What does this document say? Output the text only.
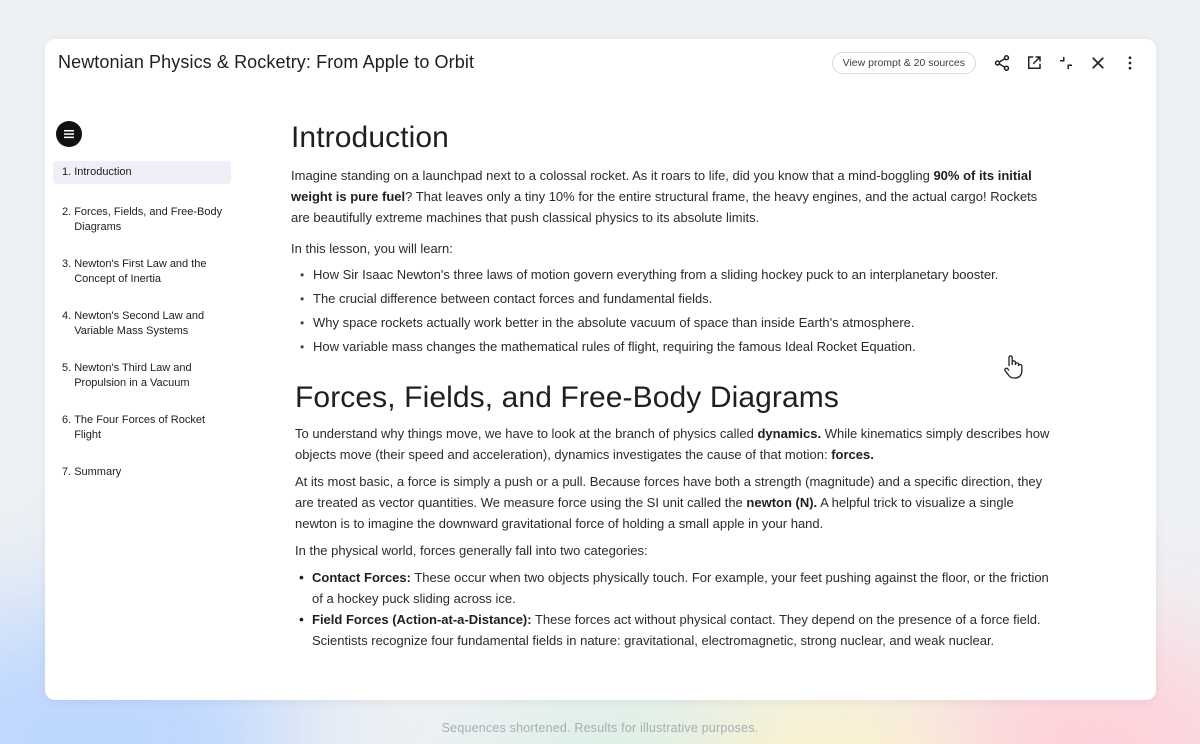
Newtonian Physics & Rocketry: From Apple to Orbit	View prompt & 20 sources
1. Introduction
2. Forces, Fields, and Free-Body Diagrams
3. Newton's First Law and the Concept of Inertia
4. Newton's Second Law and Variable Mass Systems
5. Newton's Third Law and Propulsion in a Vacuum
6. The Four Forces of Rocket Flight
7. Summary
Introduction

Imagine standing on a launchpad next to a colossal rocket. As it roars to life, did you know that a mind-boggling 90% of its initial weight is pure fuel? That leaves only a tiny 10% for the entire structural frame, the heavy engines, and the actual cargo! Rockets are beautifully extreme machines that push classical physics to its absolute limits.

In this lesson, you will learn:

• How Sir Isaac Newton's three laws of motion govern everything from a sliding hockey puck to an interplanetary booster.
• The crucial difference between contact forces and fundamental fields.
• Why space rockets actually work better in the absolute vacuum of space than inside Earth's atmosphere.
• How variable mass changes the mathematical rules of flight, requiring the famous Ideal Rocket Equation.
Forces, Fields, and Free-Body Diagrams

To understand why things move, we have to look at the branch of physics called dynamics. While kinematics simply describes how objects move (their speed and acceleration), dynamics investigates the cause of that motion: forces.

At its most basic, a force is simply a push or a pull. Because forces have both a strength (magnitude) and a specific direction, they are treated as vector quantities. We measure force using the SI unit called the newton (N). A helpful trick to visualize a single newton is to imagine the downward gravitational force of holding a small apple in your hand.

In the physical world, forces generally fall into two categories:

• Contact Forces: These occur when two objects physically touch. For example, your feet pushing against the floor, or the friction of a hockey puck sliding across ice.
• Field Forces (Action-at-a-Distance): These forces act without physical contact. They depend on the presence of a force field. Scientists recognize four fundamental fields in nature: gravitational, electromagnetic, strong nuclear, and weak nuclear.
Sequences shortened. Results for illustrative purposes.
